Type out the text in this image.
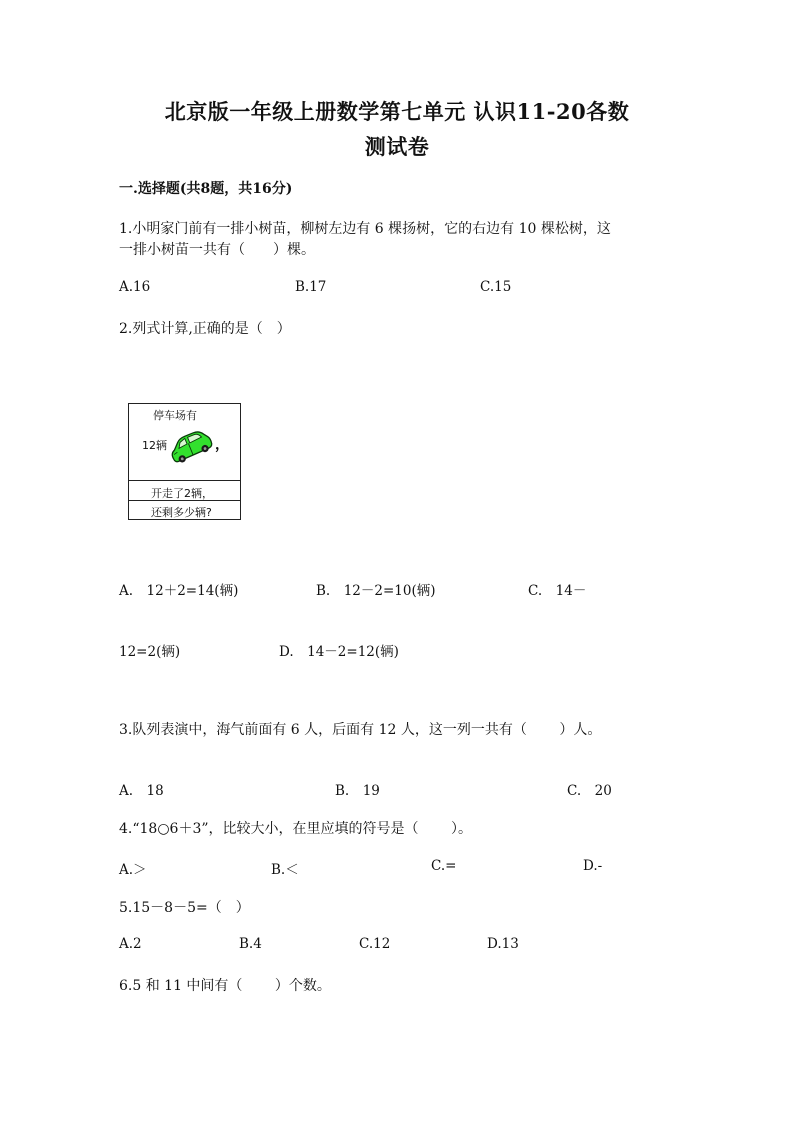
北京版一年级上册数学第七单元 认识11-20各数
测试卷
一.选择题(共8题，共16分)
1.小明家门前有一排小树苗，柳树左边有 6 棵扬树，它的右边有 10 棵松树，这
一排小树苗一共有（　　）棵。
A.16	B.17	C.15
2.列式计算,正确的是（　）
停车场有
12辆	，
开走了2辆，
还剩多少辆?
A.　12＋2=14(辆)	B.　12－2=10(辆)	C.　14－
12=2(辆)	D.　14－2=12(辆)
3.队列表演中，海气前面有 6 人，后面有 12 人，这一列一共有（　　 ）人。
A.　18	B.　19	C.　20
4.“18○6＋3”，比较大小，在里应填的符号是（　　 ）。
A.＞	B.＜	C.=	D.-
5.15－8－5=（　）
A.2	B.4	C.12	D.13
6.5 和 11 中间有（　　 ）个数。
